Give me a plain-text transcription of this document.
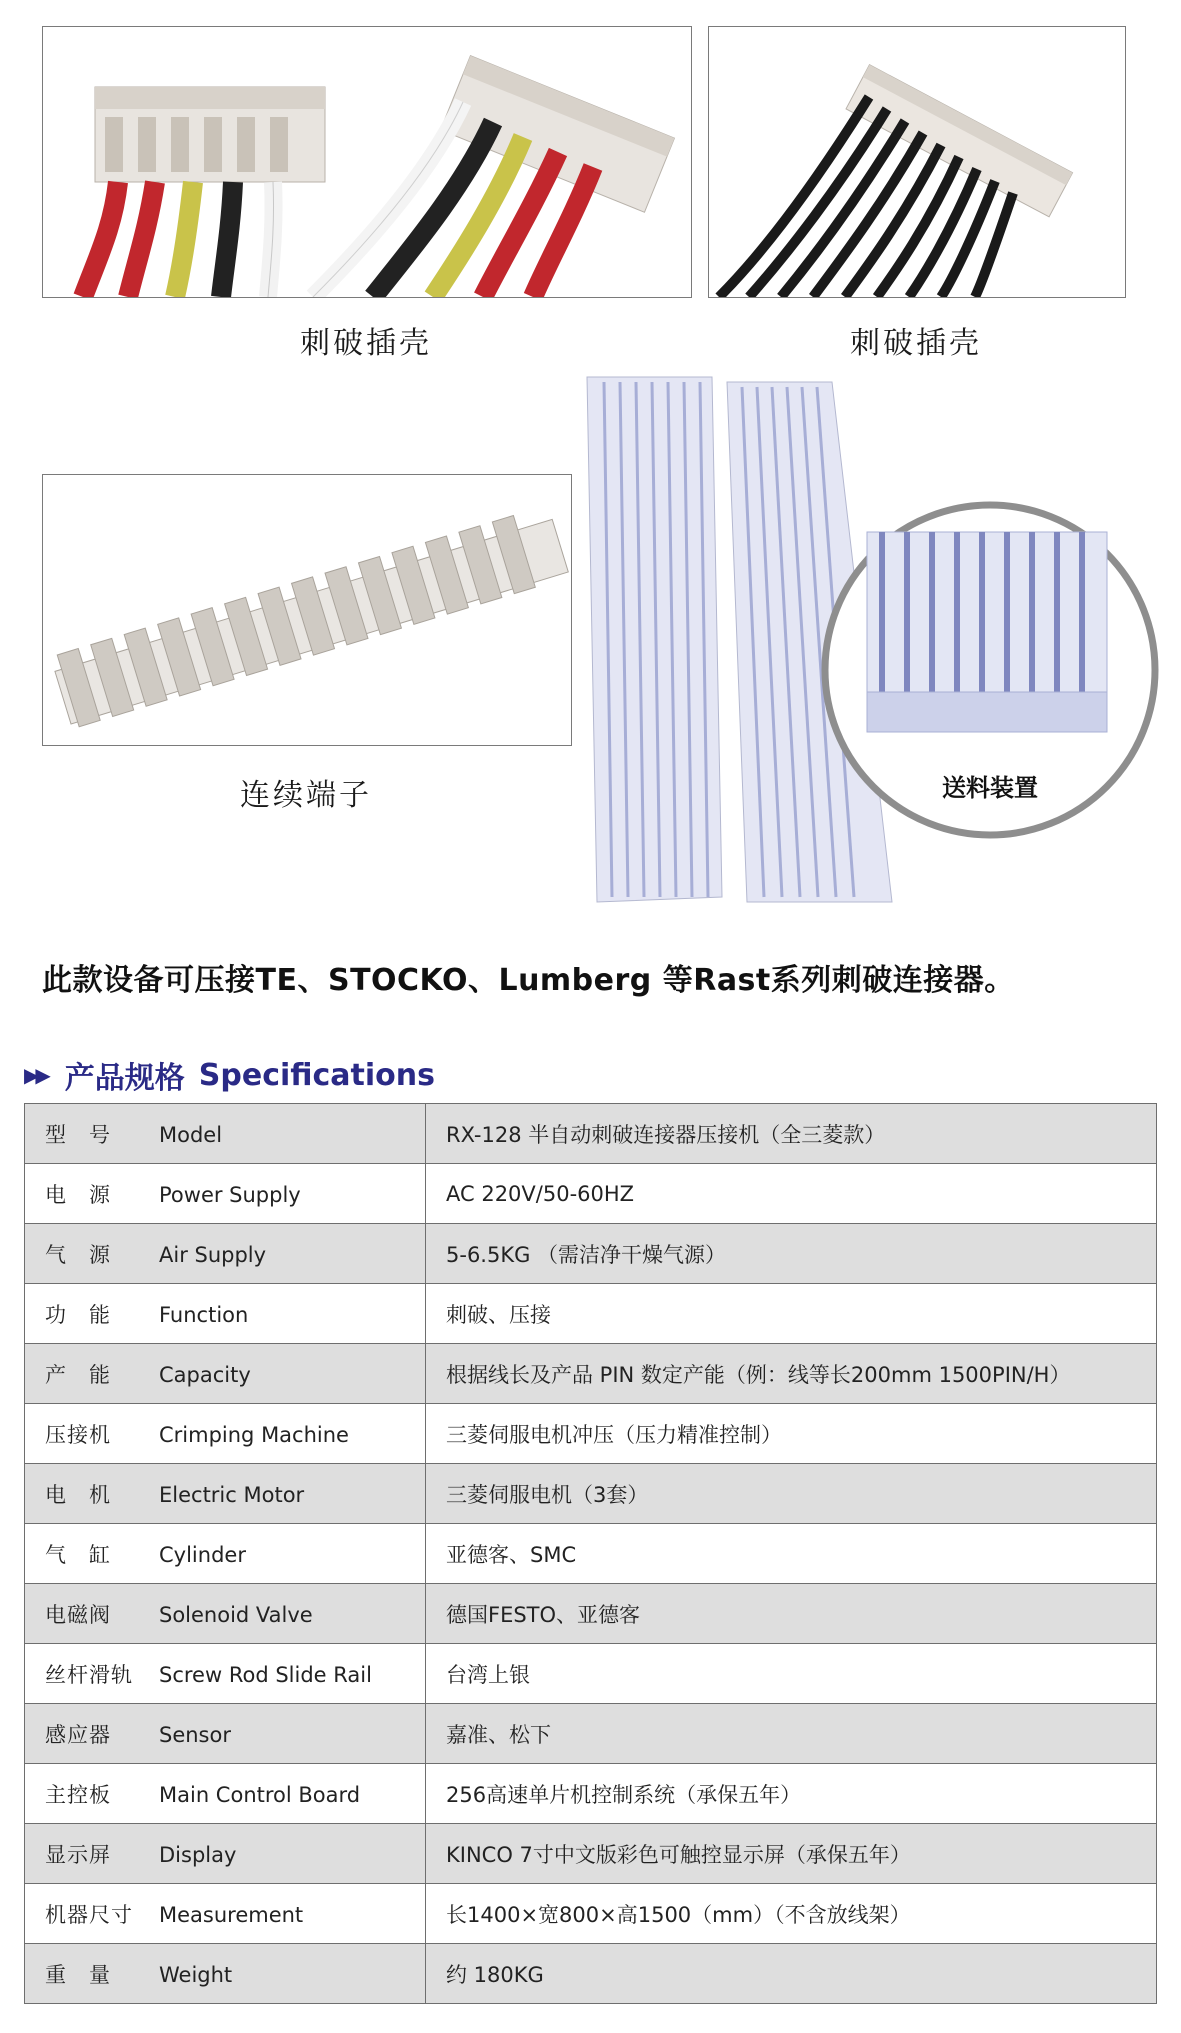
刺破插壳	刺破插壳
连续端子	送料装置
此款设备可压接TE、STOCKO、Lumberg 等Rast系列刺破连接器。
▶▶ 产品规格 Specifications
型　号 Model	RX-128 半自动刺破连接器压接机（全三菱款）
电　源 Power Supply	AC 220V/50-60HZ
气　源 Air Supply	5-6.5KG （需洁净干燥气源）
功　能 Function	刺破、压接
产　能 Capacity	根据线长及产品 PIN 数定产能（例：线等长200mm 1500PIN/H）
压接机 Crimping Machine	三菱伺服电机冲压（压力精准控制）
电　机 Electric Motor	三菱伺服电机（3套）
气　缸 Cylinder	亚德客、SMC
电磁阀 Solenoid Valve	德国FESTO、亚德客
丝杆滑轨 Screw Rod Slide Rail	台湾上银
感应器 Sensor	嘉准、松下
主控板 Main Control Board	256高速单片机控制系统（承保五年）
显示屏 Display	KINCO 7寸中文版彩色可触控显示屏（承保五年）
机器尺寸 Measurement	长1400×宽800×高1500（mm）（不含放线架）
重　量 Weight	约 180KG
